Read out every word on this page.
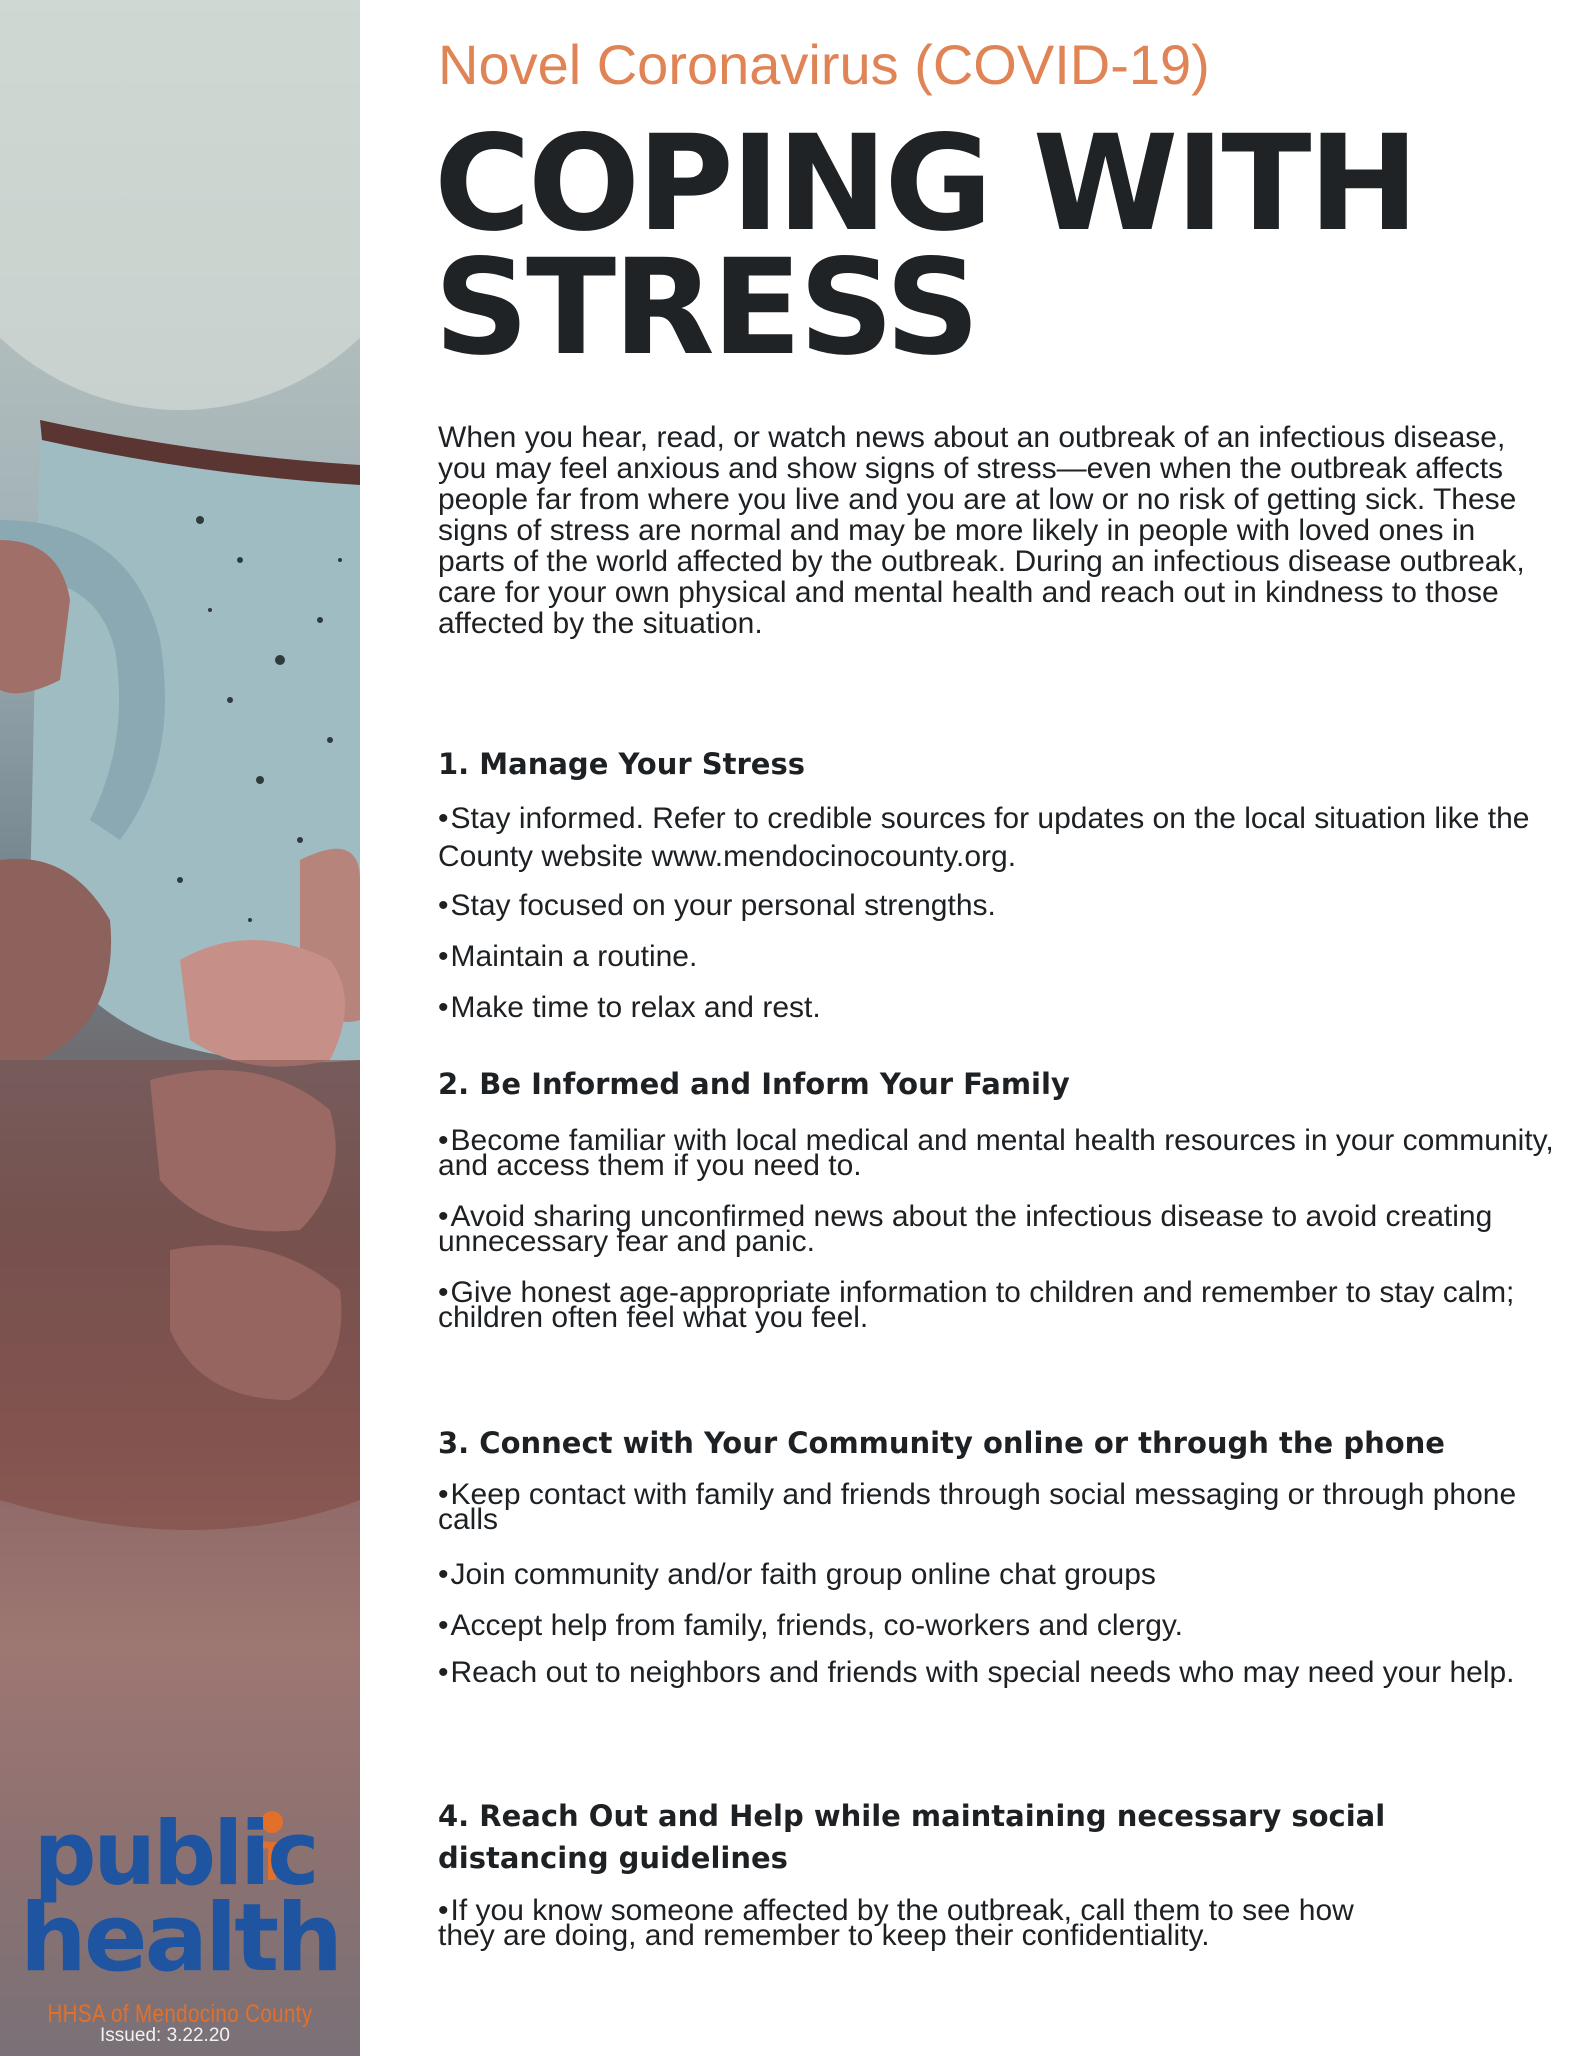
public
health
HHSA of Mendocino County
Issued: 3.22.20
Novel Coronavirus (COVID-19)
COPING WITH
STRESS

When you hear, read, or watch news about an outbreak of an infectious disease, you may feel anxious and show signs of stress—even when the outbreak affects people far from where you live and you are at low or no risk of getting sick. These signs of stress are normal and may be more likely in people with loved ones in parts of the world affected by the outbreak. During an infectious disease outbreak, care for your own physical and mental health and reach out in kindness to those affected by the situation.

1. Manage Your Stress

•Stay informed. Refer to credible sources for updates on the local situation like the County website www.mendocinocounty.org.

•Stay focused on your personal strengths.

•Maintain a routine.

•Make time to relax and rest.

2. Be Informed and Inform Your Family

•Become familiar with local medical and mental health resources in your community, and access them if you need to.

•Avoid sharing unconfirmed news about the infectious disease to avoid creating unnecessary fear and panic.

•Give honest age-appropriate information to children and remember to stay calm; children often feel what you feel.

3. Connect with Your Community online or through the phone

•Keep contact with family and friends through social messaging or through phone calls

•Join community and/or faith group online chat groups

•Accept help from family, friends, co-workers and clergy.

•Reach out to neighbors and friends with special needs who may need your help.

4. Reach Out and Help while maintaining necessary social distancing guidelines

•If you know someone affected by the outbreak, call them to see how they are doing, and remember to keep their confidentiality.
